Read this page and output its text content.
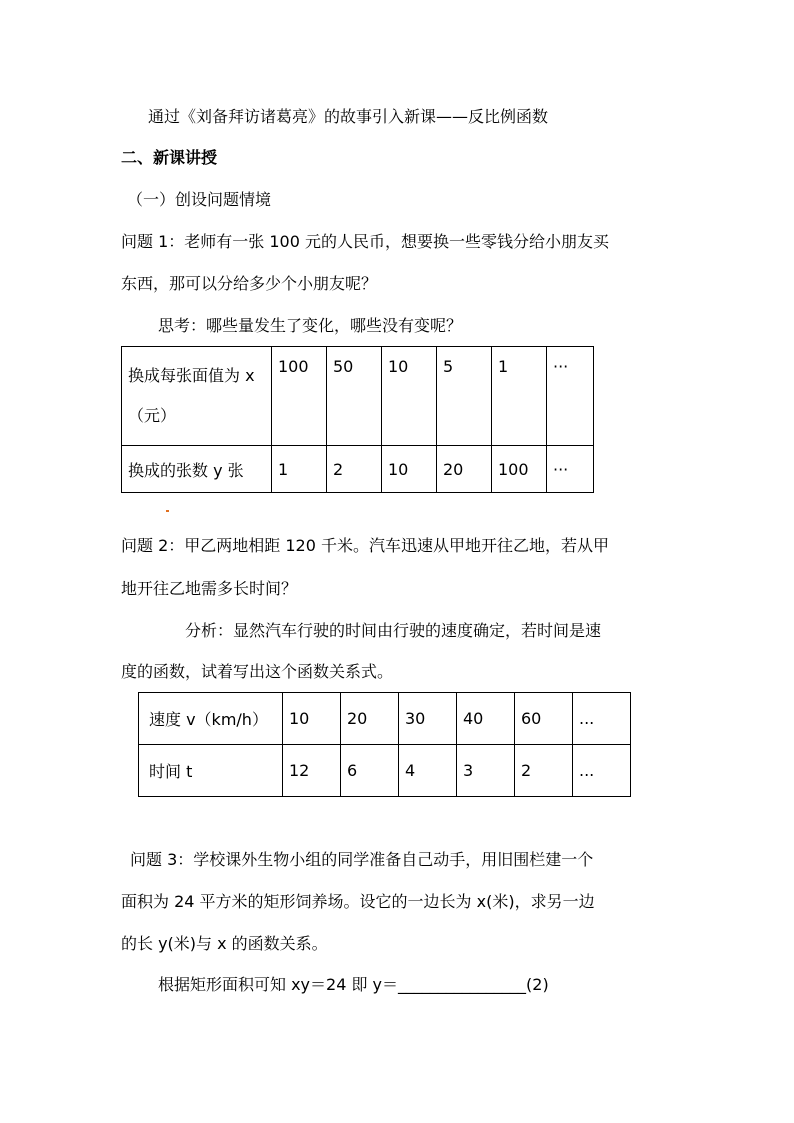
通过《刘备拜访诸葛亮》的故事引入新课——反比例函数
二、新课讲授
（一）创设问题情境
问题 1：老师有一张 100 元的人民币，想要换一些零钱分给小朋友买
东西，那可以分给多少个小朋友呢？
思考：哪些量发生了变化，哪些没有变呢？
换成每张面值为 x（元）	100	50	10	5	1	···
换成的张数 y 张	1	2	10	20	100	···
问题 2：甲乙两地相距 120 千米。汽车迅速从甲地开往乙地，若从甲
地开往乙地需多长时间？
分析：显然汽车行驶的时间由行驶的速度确定，若时间是速
度的函数，试着写出这个函数关系式。
速度 v（km/h）	10	20	30	40	60	...
时间 t	12	6	4	3	2	...
问题 3：学校课外生物小组的同学准备自己动手，用旧围栏建一个
面积为 24 平方米的矩形饲养场。设它的一边长为 x(米)，求另一边
的长 y(米)与 x 的函数关系。
根据矩形面积可知 xy＝24 即 y＝________________(2)
